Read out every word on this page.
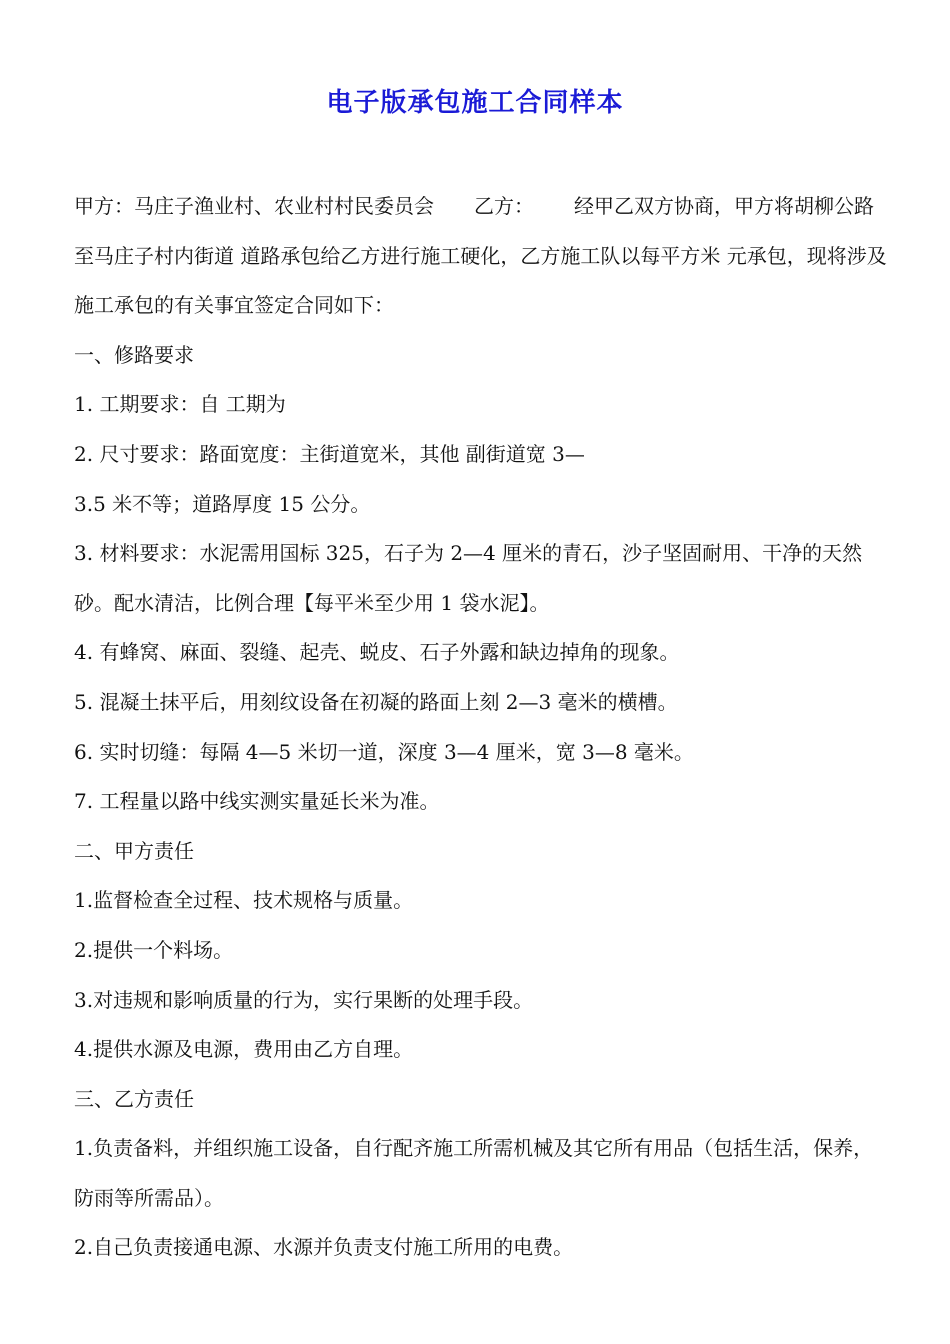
电子版承包施工合同样本

甲方：马庄子渔业村、农业村村民委员会 乙方： 经甲乙双方协商，甲方将胡柳公路至马庄子村内街道 道路承包给乙方进行施工硬化，乙方施工队以每平方米 元承包，现将涉及施工承包的有关事宜签定合同如下：

一、修路要求

1. 工期要求：自 工期为

2. 尺寸要求：路面宽度：主街道宽米，其他 副街道宽 3—

3.5 米不等；道路厚度 15 公分。

3. 材料要求：水泥需用国标 325，石子为 2—4 厘米的青石，沙子坚固耐用、干净的天然砂。配水清洁，比例合理【每平米至少用 1 袋水泥】。

4. 有蜂窝、麻面、裂缝、起壳、蜕皮、石子外露和缺边掉角的现象。

5. 混凝土抹平后，用刻纹设备在初凝的路面上刻 2—3 毫米的横槽。

6. 实时切缝：每隔 4—5 米切一道，深度 3—4 厘米，宽 3—8 毫米。

7. 工程量以路中线实测实量延长米为准。

二、甲方责任

1.监督检查全过程、技术规格与质量。

2.提供一个料场。

3.对违规和影响质量的行为，实行果断的处理手段。

4.提供水源及电源，费用由乙方自理。

三、乙方责任

1.负责备料，并组织施工设备，自行配齐施工所需机械及其它所有用品（包括生活，保养，防雨等所需品）。

2.自己负责接通电源、水源并负责支付施工所用的电费。
